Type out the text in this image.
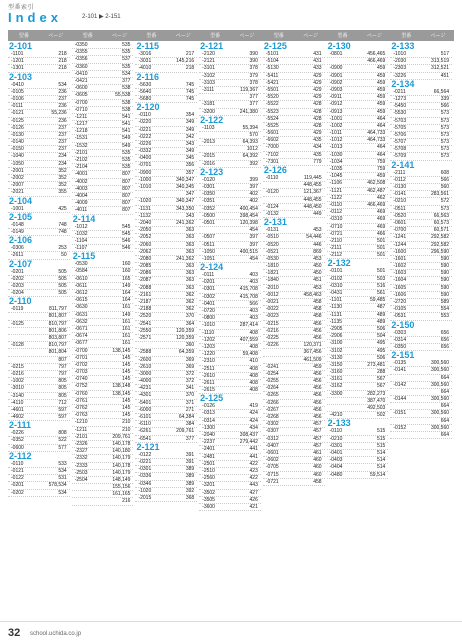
型番索引
Index	2-101 ▶ 2-151
型番	ページ
2-101
-1101	218
-1201	218
-1301	218
2-103
-0410	534
-0105	236
-0106	237
-0111	236
-0121	55,236
-0125	236
-0126	237
-0130	237
-0140	237
-0150	237
-1040	234
-1050	234
-2001	352
-2002	352
-2007	352
-2021	355
2-104
-1001	425
2-105
-0148	748
-0149	748
2-106
-0306	253
-2611	50
2-107
-0201	505
-0202	505
-0203	505
-0204	505
2-110
-0119	811,797
801,807
-0125	810,797
801,806
803,807
-0128	810,797
801,804
807
-0215	797
-0216	797
-1002	805
-3010	805
-3140	805
-4110	712
-4601	597
-4602	597
2-111
-0226	808
-0352	522
-0600	577
2-112
-0110	533
-0121	534
-0122	531
-0201	578,534
-0202	534
型番	ページ
-0350	535
-0355	535
-0356	537
-0360	535
-0410	534
-0421	377
-0600	538
-0605	55,538
-0700	538
-0710	538
-1211	541
-1217	541
-1218	541
-1531	549
-1532	549
-2101	535
-2102	535
-2104	535
-4001	807
-4002	807
-4003	807
-4004	807
-4009	807
-4011	807
2-114
-1012	545
-1032	545
-1104	546
-1107	546
2-115
-0530	160
-0584	160
-0610	165
-0611	149
-0612	164
-0615	164
-0630	161
-0631	149
-0632	161
-0671	161
-0674	161
-0677	161
-0700	138,145
-0701	145
-0702	145
-0703	145
-0740	145
-0752	138,148
-0760	138,145
-0761	145
-0762	145
-0763	145
-1210	210
-1211	210
-2101	209,761
-2326	140,178
-2327	140,180
-2332	140,179
-2333	140,178
-2503	140,179
-2504	148,149
155,156
161,165
216
型番	ページ
2-115
-3016	217
-3031	145,216
-4010	218
2-116
-5630	745
-5640	745
-5680	745
2-120
-0110	354
-0220	349
-0221	349
-0222	342
-0226	343
-0332	349
-0400	345
-0701	356
-0900	357
-1000	340,347
-1010	340,345
347
-1020	340,347
-1131	343,350
-1132	343
-2040	241,362
-2050	363
-2052	363
-2060	363
-2062	363
-2080	241,362
-2085	363
-2086	363
-2087	363
-2088	363
-2161	362
-2187	362
-2188	362
-2520	370
-2541	364
-2550	120,359
-2571	120,359
360
-2588	64,359
-2600	369
-2610	369
-3000	372
-4000	372
-4231	341
-4301	370
-5401	371
-6000	271
-6101	64,384
-6110	384
-6261	209,761
-6541	377
2-121
-0122	391
-0221	391
-0301	389
-0336	389
-0346	389
-1020	392
-2015	368
型番	ページ
2-121
-2120	390
-2121	390
-3101	378
-3102	379
-3103	378
-3111	119,367
377
-3181	377
-3200	241,380
2-122
-1103	55,394
570
-2013	64,393
1012
-2015	64,392
-2016	392
2-123
-0120	399
-0301	397
-0350	402
-0351	402
-0352	400,454
-0500	398,454
-0501	120,398
454
-0507	397
-0511	397
-1050	400,515
-1051	454
2-124
-0111	403
-0201	403
-0301	415,708
-0302	415,708
-0401	566
-0720	403
-0800	403
-1010	287,414
-1110	408
-1202	407,559
-1203	408
-1220	59,408
-2310	410
-2511	408
-2610	408
-2611	408
-2615	408
2-125
-0126	419
-0313	424
-0314	424
-1300	434
-2040	308,437
-2237	279,442
-2401	441
-2481	441
-2501	422
-2510	423
-2560	422
-3201	443
-3502	427
-3505	426
-3600	421
型番	ページ
2-125
-5101	431
-5104	431
-5130	433
-5411	429
-5421	429
-5501	429
-5520	429
-5522	428
-5523	428
-5524	428
-5525	428
-5601	429
-6602	435
-7000	434
-7102	435
-7301	779
2-126
-0110	119,445
448,455
-0120	121,367
448,455
-0124	448,450
-0132	449
2-131
-0131	453
-0510	54,446
-0520	446
-0521	869
-0530	453
-1810	450
-1821	450
-1840	451
-2010	453
-0012	458,463
-0021	458
-0022	458
-0023	458
-0215	456
-0216	456
-0225	456
-0226	120,371
367,456
461,509
-0241	459
-0254	456
-0255	456
-0264	456
-0265	456
-0266	456
-0267	456
-0268	456
-0302	457
-0307	457
-0312	457
-0407	457
-0601	461
-0602	460
-0705	460
-0715	460
-0721	458
型番	ページ
2-130
-0801	456,465
466,469
-0900	459
-0901	459
-0902	459
-0903	459
-0911	459
-0912	459
-0913	459
-1001	464
-1002	464
-1011	464,733
-1012	464,733
-1013	464
-1030	464
-1034	759
-1035	759
-1045	459
-1106	462,508
-1121	462,487
-1122	462
-0110	466,469
-0112	469
-0310	469
-0710	469
-0721	466
-2110	501
-2111	501
-2112	501
2-132
-0101	501
-0102	503
-0310	516
-0431	561
-1101	59,485
-1130	487
-1131	489
-1135	489
-2905	506
-2906	504
-3100	495
-3102	495
-3130	506
-3150	273,481
-3160	288
-3161	567
-3162	567
-3300	282,273
387,470
492,503
-4210	502
2-133
-0110	515
-0210	515
-0301	515
-0401	514
-0403	514
-0404	514
-0480	59,514
型番	ページ
2-133
-1010	517
-2030	313,519
-2303	312,521
-3226	451
2-134
-0211	66,564
-1273	339
-5450	566
-5530	573
-5703	573
-5705	573
-5706	573
-5707	573
-5708	573
-5709	573
2-141
-2111	608
-0112	566
-0130	560
-0141	283,561
-0210	572
-0511	573
-0520	66,563
-0601	60,573
-0700	60,571
-1241	292,582
-1244	292,582
-1600	296,590
-1601	590
-1602	590
-1603	590
-1604	590
-1605	590
-1606	590
-2720	589
-0105	554
-0531	553
2-150
-0303	656
-0314	656
-0350	656
2-151
-0135	300,560
-0141	300,560
664
-0142	300,560
664
-0144	300,560
664
-0151	300,560
664
-0152	300,560
664
32 school.uchida.co.jp
